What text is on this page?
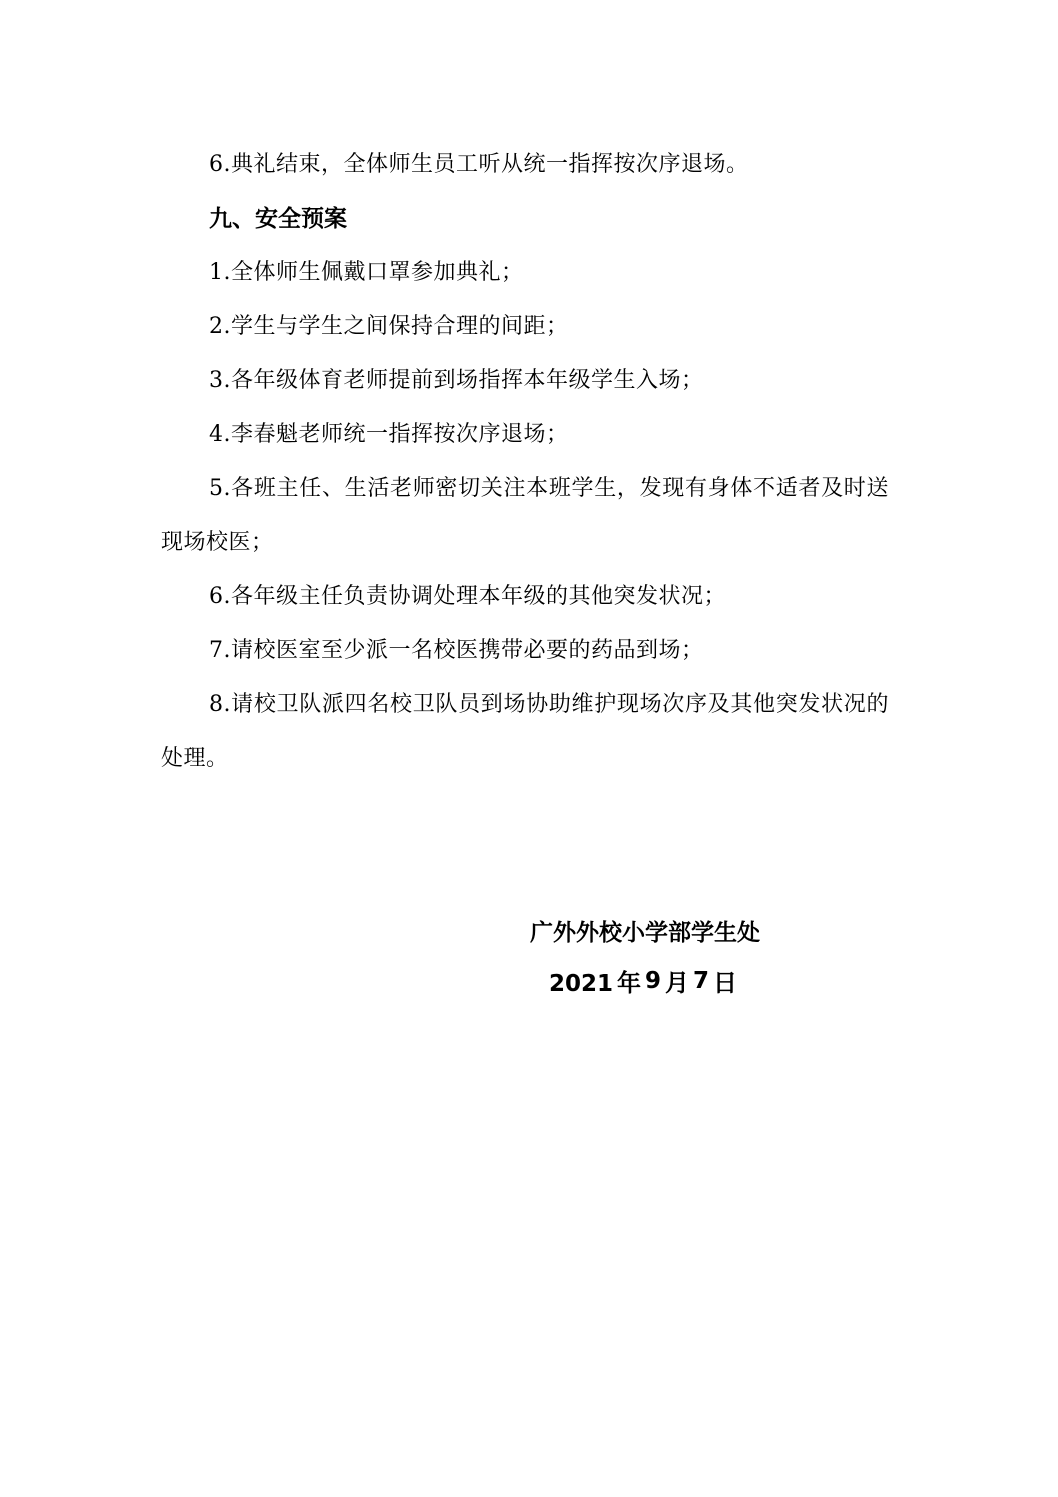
6.典礼结束，全体师生员工听从统一指挥按次序退场。

九、安全预案

1.全体师生佩戴口罩参加典礼；

2.学生与学生之间保持合理的间距；

3.各年级体育老师提前到场指挥本年级学生入场；

4.李春魁老师统一指挥按次序退场；

5.各班主任、生活老师密切关注本班学生，发现有身体不适者及时送现场校医；

6.各年级主任负责协调处理本年级的其他突发状况；

7.请校医室至少派一名校医携带必要的药品到场；

8.请校卫队派四名校卫队员到场协助维护现场次序及其他突发状况的处理。

广外外校小学部学生处

2021 年 9 月 7 日
